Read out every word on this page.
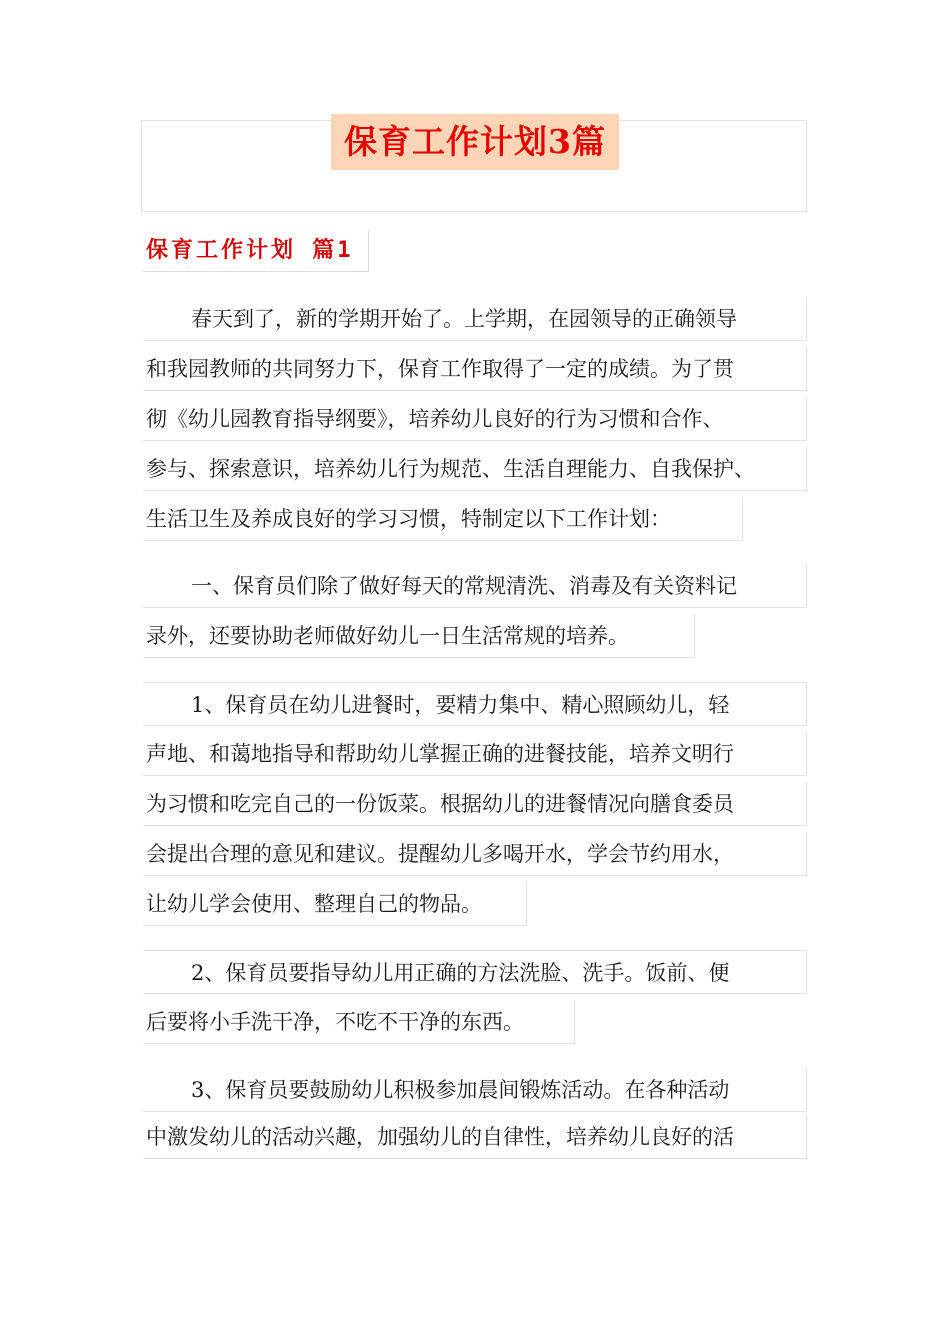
保育工作计划3篇
保育工作计划 篇1
春天到了，新的学期开始了。上学期，在园领导的正确领导
和我园教师的共同努力下，保育工作取得了一定的成绩。为了贯
彻《幼儿园教育指导纲要》，培养幼儿良好的行为习惯和合作、
参与、探索意识，培养幼儿行为规范、生活自理能力、自我保护、
生活卫生及养成良好的学习习惯，特制定以下工作计划：
一、保育员们除了做好每天的常规清洗、消毒及有关资料记
录外，还要协助老师做好幼儿一日生活常规的培养。
1、保育员在幼儿进餐时，要精力集中、精心照顾幼儿，轻
声地、和蔼地指导和帮助幼儿掌握正确的进餐技能，培养文明行
为习惯和吃完自己的一份饭菜。根据幼儿的进餐情况向膳食委员
会提出合理的意见和建议。提醒幼儿多喝开水，学会节约用水，
让幼儿学会使用、整理自己的物品。
2、保育员要指导幼儿用正确的方法洗脸、洗手。饭前、便
后要将小手洗干净，不吃不干净的东西。
3、保育员要鼓励幼儿积极参加晨间锻炼活动。在各种活动
中激发幼儿的活动兴趣，加强幼儿的自律性，培养幼儿良好的活
